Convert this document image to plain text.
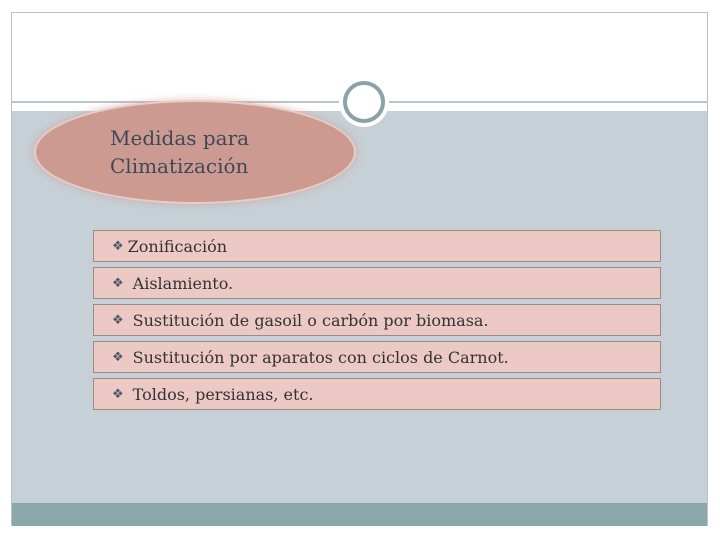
Medidas para
Climatización
❖ Zonificación
❖ Aislamiento.
❖ Sustitución de gasoil o carbón por biomasa.
❖ Sustitución por aparatos con ciclos de Carnot.
❖ Toldos, persianas, etc.
